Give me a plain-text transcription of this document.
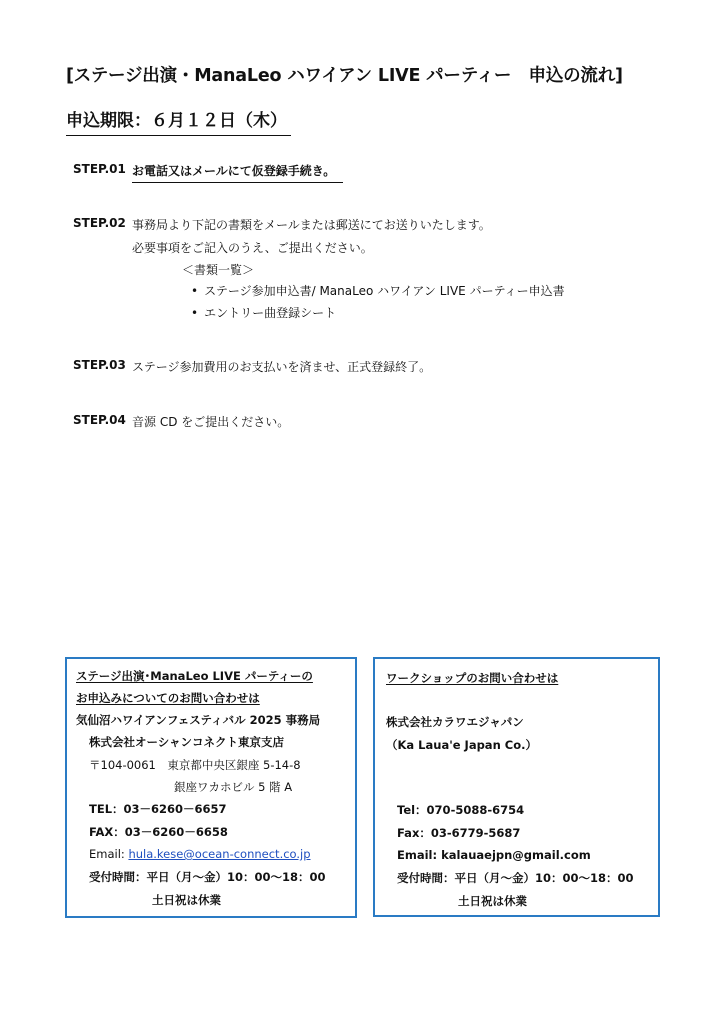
[ステージ出演・ManaLeo ハワイアン LIVE パーティー　申込の流れ]
申込期限：６月１２日（木）
STEP.01 お電話又はメールにて仮登録手続き。
STEP.02 事務局より下記の書類をメールまたは郵送にてお送りいたします。
必要事項をご記入のうえ、ご提出ください。
＜書類一覧＞
• ステージ参加申込書/ ManaLeo ハワイアン LIVE パーティー申込書
• エントリー曲登録シート
STEP.03 ステージ参加費用のお支払いを済ませ、正式登録終了。
STEP.04 音源 CD をご提出ください。
ステージ出演･ManaLeo LIVE パーティーの
お申込みについてのお問い合わせは
気仙沼ハワイアンフェスティバル 2025 事務局
株式会社オーシャンコネクト東京支店
〒104-0061　東京都中央区銀座 5-14-8
銀座ワカホビル 5 階 A
TEL：03－6260－6657
FAX：03－6260－6658
Email: hula.kese@ocean-connect.co.jp
受付時間：平日（月～金）10：00～18：00
土日祝は休業
ワークショップのお問い合わせは
株式会社カラワエジャパン
（Ka Laua'e Japan Co.）
Tel：070-5088-6754
Fax：03-6779-5687
Email: kalauaejpn@gmail.com
受付時間：平日（月～金）10：00～18：00
土日祝は休業
